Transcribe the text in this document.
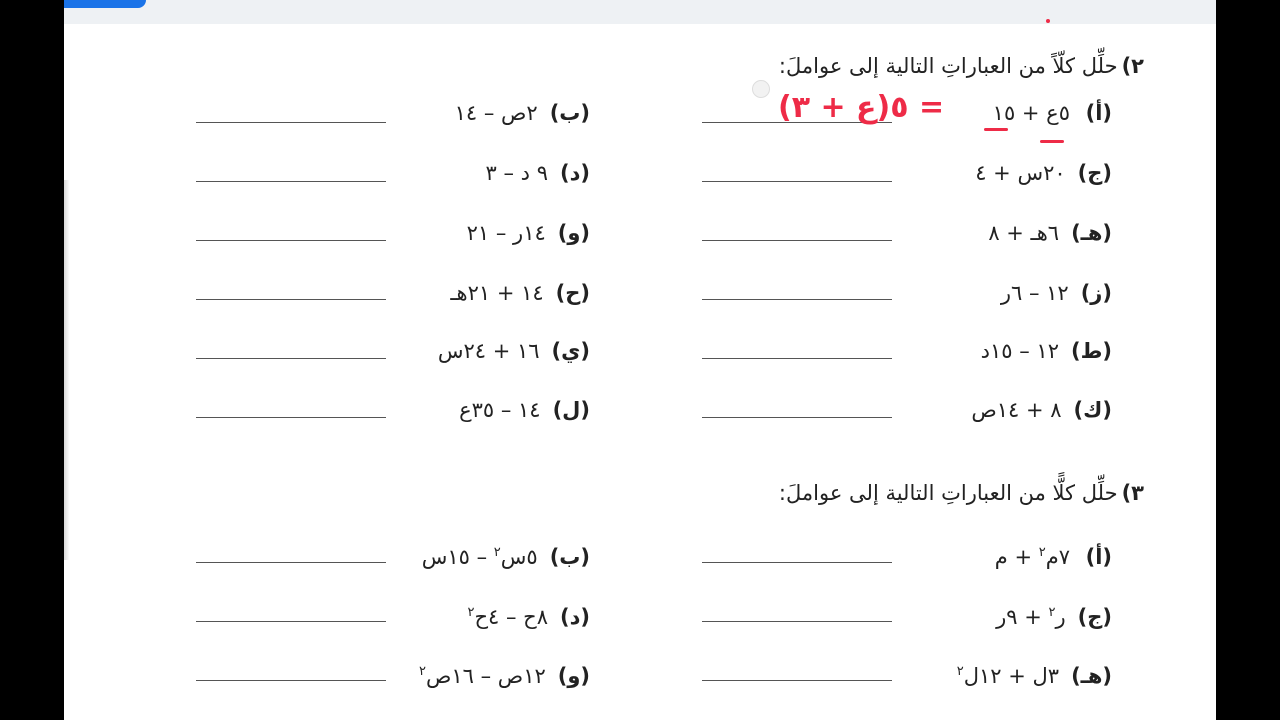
٢)حلِّل كلّاً من العباراتِ التالية إلى عواملَ:
(أ)٥ع + ١٥
(ج)٢٠س + ٤
(هـ)٦هـ + ٨
(ز)١٢ – ٦ر
(ط)١٢ – ١٥د
(ك)٨ + ١٤ص
(ب)٢ص – ١٤
(د)٩ د – ٣
(و)١٤ر – ٢١
(ح)١٤ + ٢١هـ
(ي)١٦ + ٢٤س
(ل)١٤ – ٣٥ع
= ٥(ع + ٣)
٣)حلِّل كلًّا من العباراتِ التالية إلى عواملَ:
(أ)٧م$^٢$ + م
(ج)ر$^٢$ + ٩ر
(هـ)٣ل + ١٢ل$^٢$
(ب)٥س$^٢$ – ١٥س
(د)٨ح – ٤ح$^٢$
(و)١٢ص – ١٦ص$^٢$
